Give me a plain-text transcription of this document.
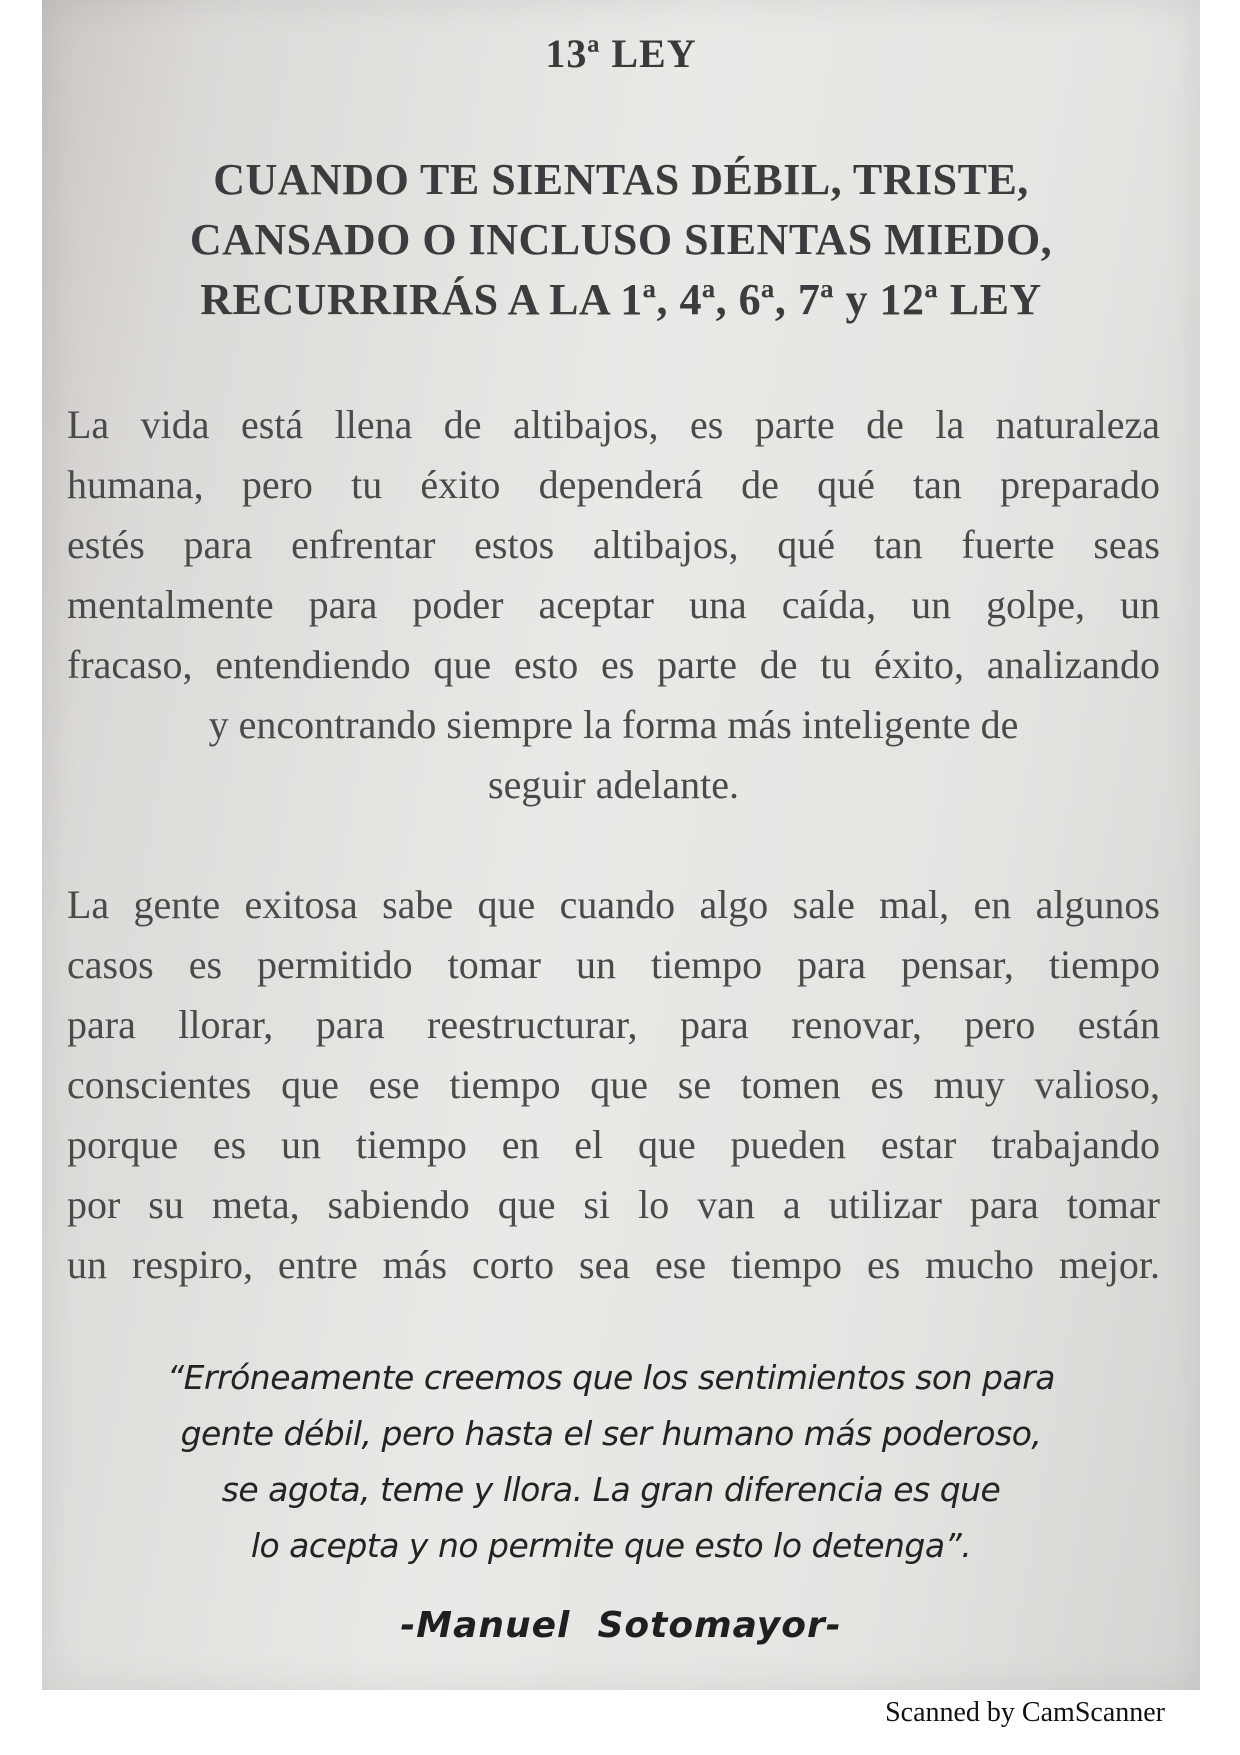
13ª LEY
CUANDO TE SIENTAS DÉBIL, TRISTE,
CANSADO O INCLUSO SIENTAS MIEDO,
RECURRIRÁS A LA 1ª, 4ª, 6ª, 7ª y 12ª LEY
La vida está llena de altibajos, es parte de la naturaleza
humana, pero tu éxito dependerá de qué tan preparado
estés para enfrentar estos altibajos, qué tan fuerte seas
mentalmente para poder aceptar una caída, un golpe, un
fracaso, entendiendo que esto es parte de tu éxito, analizando
y encontrando siempre la forma más inteligente de
seguir adelante.
La gente exitosa sabe que cuando algo sale mal, en algunos
casos es permitido tomar un tiempo para pensar, tiempo
para llorar, para reestructurar, para renovar, pero están
conscientes que ese tiempo que se tomen es muy valioso,
porque es un tiempo en el que pueden estar trabajando
por su meta, sabiendo que si lo van a utilizar para tomar
un respiro, entre más corto sea ese tiempo es mucho mejor.
“Erróneamente creemos que los sentimientos son para
gente débil, pero hasta el ser humano más poderoso,
se agota, teme y llora. La gran diferencia es que
lo acepta y no permite que esto lo detenga”.
-Manuel  Sotomayor-
Scanned by CamScanner
